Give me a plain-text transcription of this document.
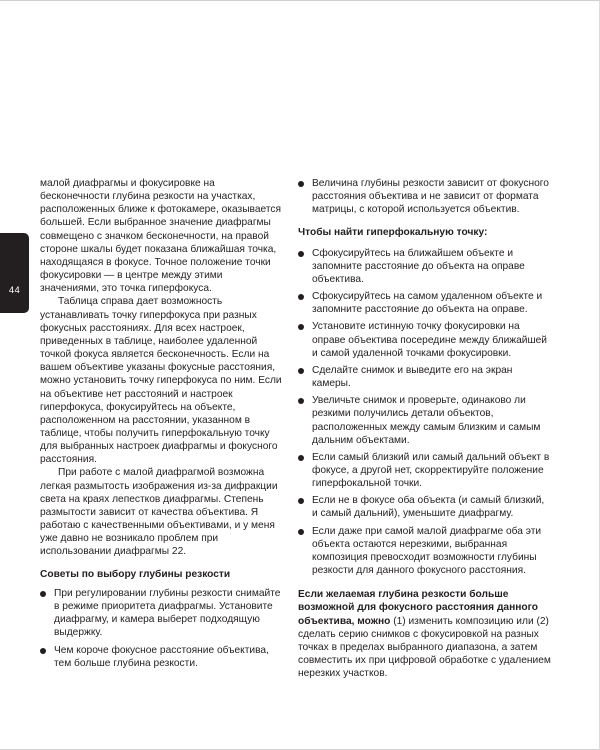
44

малой диафрагмы и фокусировке на бесконечности глубина резкости на участках, расположенных ближе к фотокамере, оказывается большей. Если выбранное значение диафрагмы совмещено с значком бесконечности, на правой стороне шкалы будет показана ближайшая точка, находящаяся в фокусе. Точное положение точки фокусировки — в центре между этими значениями, это точка гиперфокуса.

Таблица справа дает возможность устанавливать точку гиперфокуса при разных фокусных расстояниях. Для всех настроек, приведенных в таблице, наиболее удаленной точкой фокуса является бесконечность. Если на вашем объективе указаны фокусные расстояния, можно установить точку гиперфокуса по ним. Если на объективе нет расстояний и настроек гиперфокуса, фокусируйтесь на объекте, расположенном на расстоянии, указанном в таблице, чтобы получить гиперфокальную точку для выбранных настроек диафрагмы и фокусного расстояния.

При работе с малой диафрагмой возможна легкая размытость изображения из-за дифракции света на краях лепестков диафрагмы. Степень размытости зависит от качества объектива. Я работаю с качественными объективами, и у меня уже давно не возникало проблем при использовании диафрагмы 22.

Советы по выбору глубины резкости

При регулировании глубины резкости снимайте в режиме приоритета диафрагмы. Установите диафрагму, и камера выберет подходящую выдержку.
Чем короче фокусное расстояние объектива, тем больше глубина резкости.
Величина глубины резкости зависит от фокусного расстояния объектива и не зависит от формата матрицы, с которой используется объектив.

Чтобы найти гиперфокальную точку:

Сфокусируйтесь на ближайшем объекте и запомните расстояние до объекта на оправе объектива.
Сфокусируйтесь на самом удаленном объекте и запомните расстояние до объекта на оправе.
Установите истинную точку фокусировки на оправе объектива посередине между ближайшей и самой удаленной точками фокусировки.
Сделайте снимок и выведите его на экран камеры.
Увеличьте снимок и проверьте, одинаково ли резкими получились детали объектов, расположенных между самым близким и самым дальним объектами.
Если самый близкий или самый дальний объект в фокусе, а другой нет, скорректируйте положение гиперфокальной точки.
Если не в фокусе оба объекта (и самый близкий, и самый дальний), уменьшите диафрагму.
Если даже при самой малой диафрагме оба эти объекта остаются нерезкими, выбранная композиция превосходит возможности глубины резкости для данного фокусного расстояния.

Если желаемая глубина резкости больше возможной для фокусного расстояния данного объектива, можно (1) изменить композицию или (2) сделать серию снимков с фокусировкой на разных точках в пределах выбранного диапазона, а затем совместить их при цифровой обработке с удалением нерезких участков.
